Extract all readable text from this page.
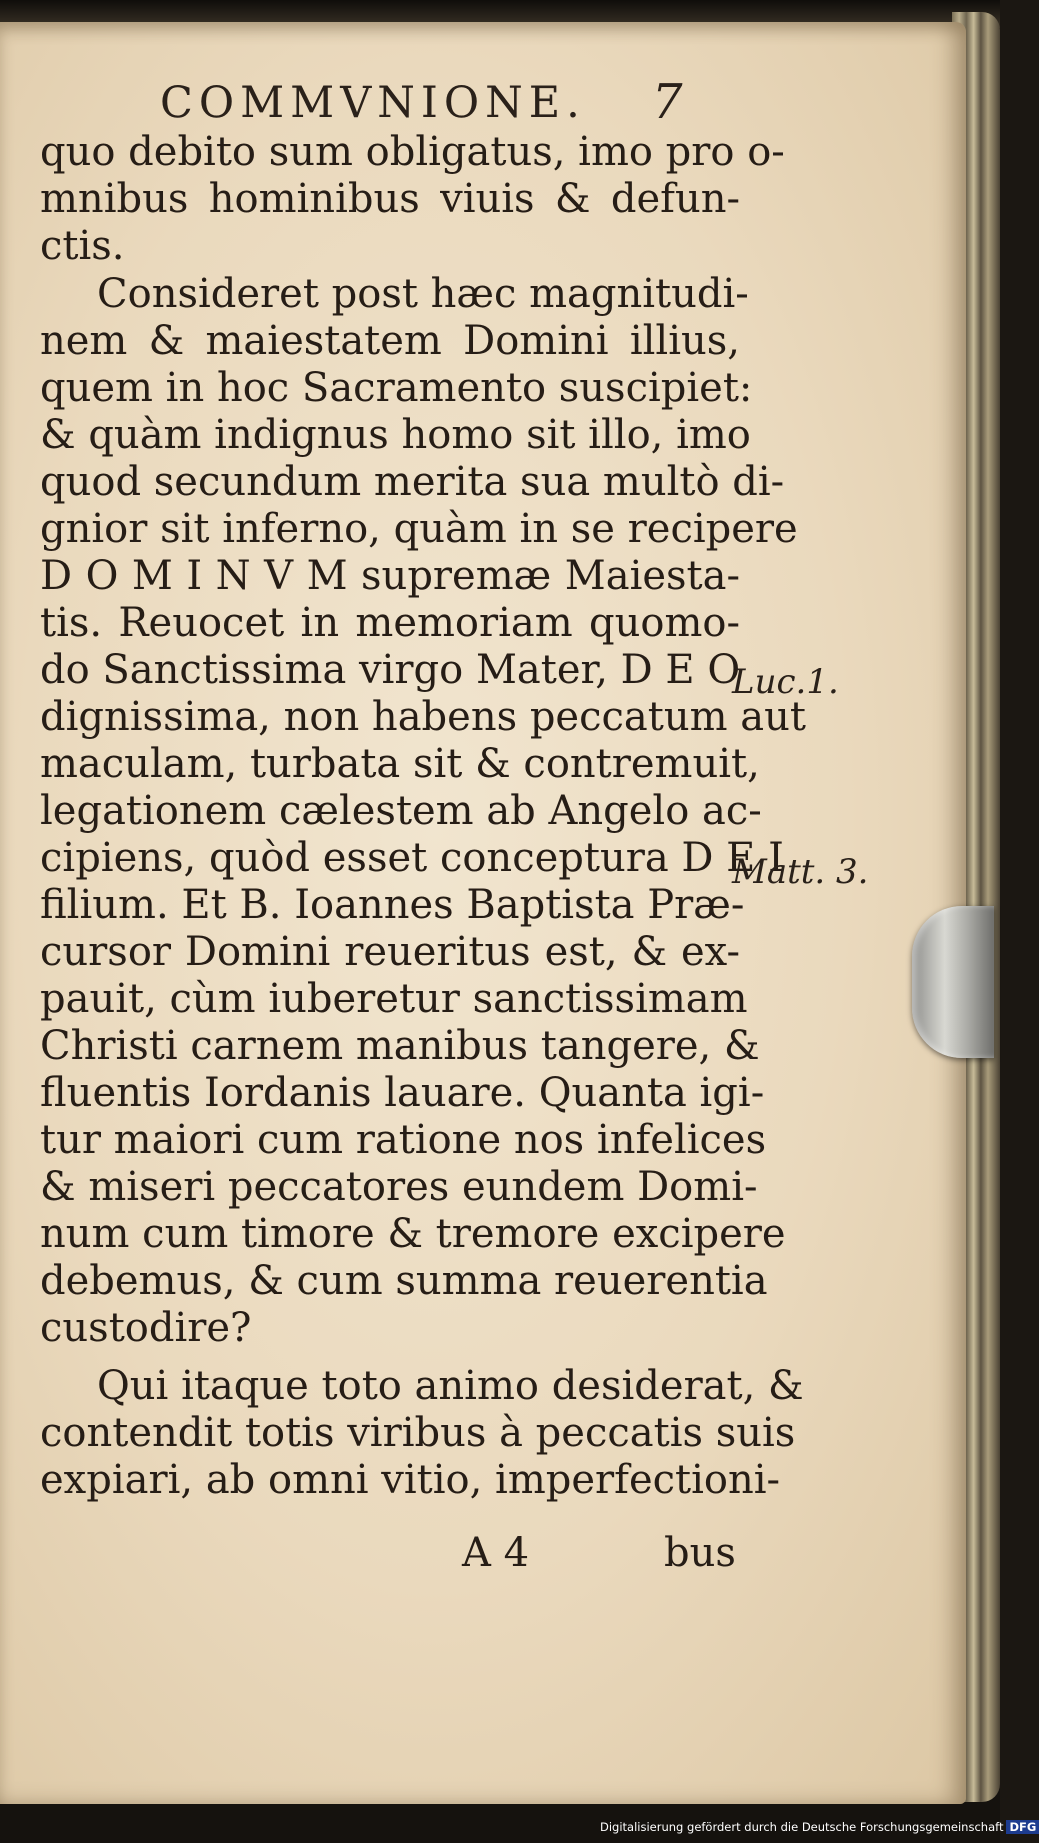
COMMVNIONE.	7
quo debito sum obligatus, imo pro o-
mnibus hominibus viuis & defun-
ctis.
Consideret post hæc magnitudi-
nem & maiestatem Domini illius,
quem in hoc Sacramento suscipiet:
& quàm indignus homo sit illo, imo
quod secundum merita sua multò di-
gnior sit inferno, quàm in se recipere
D O M I N V M supremæ Maiesta-
tis. Reuocet in memoriam quomo-
do Sanctissima virgo Mater, D E O
dignissima, non habens peccatum aut
maculam, turbata sit & contremuit,
legationem cælestem ab Angelo ac-
cipiens, quòd esset conceptura D E I
filium. Et B. Ioannes Baptista Præ-
cursor Domini reueritus est, & ex-
pauit, cùm iuberetur sanctissimam
Christi carnem manibus tangere, &
fluentis Iordanis lauare. Quanta igi-
tur maiori cum ratione nos infelices
& miseri peccatores eundem Domi-
num cum timore & tremore excipere
debemus, & cum summa reuerentia
custodire?
Qui itaque toto animo desiderat, &
contendit totis viribus à peccatis suis
expiari, ab omni vitio, imperfectioni-
Luc.1.
Matt. 3.
A 4	bus
Digitalisierung gefördert durch die Deutsche Forschungsgemeinschaft DFG
